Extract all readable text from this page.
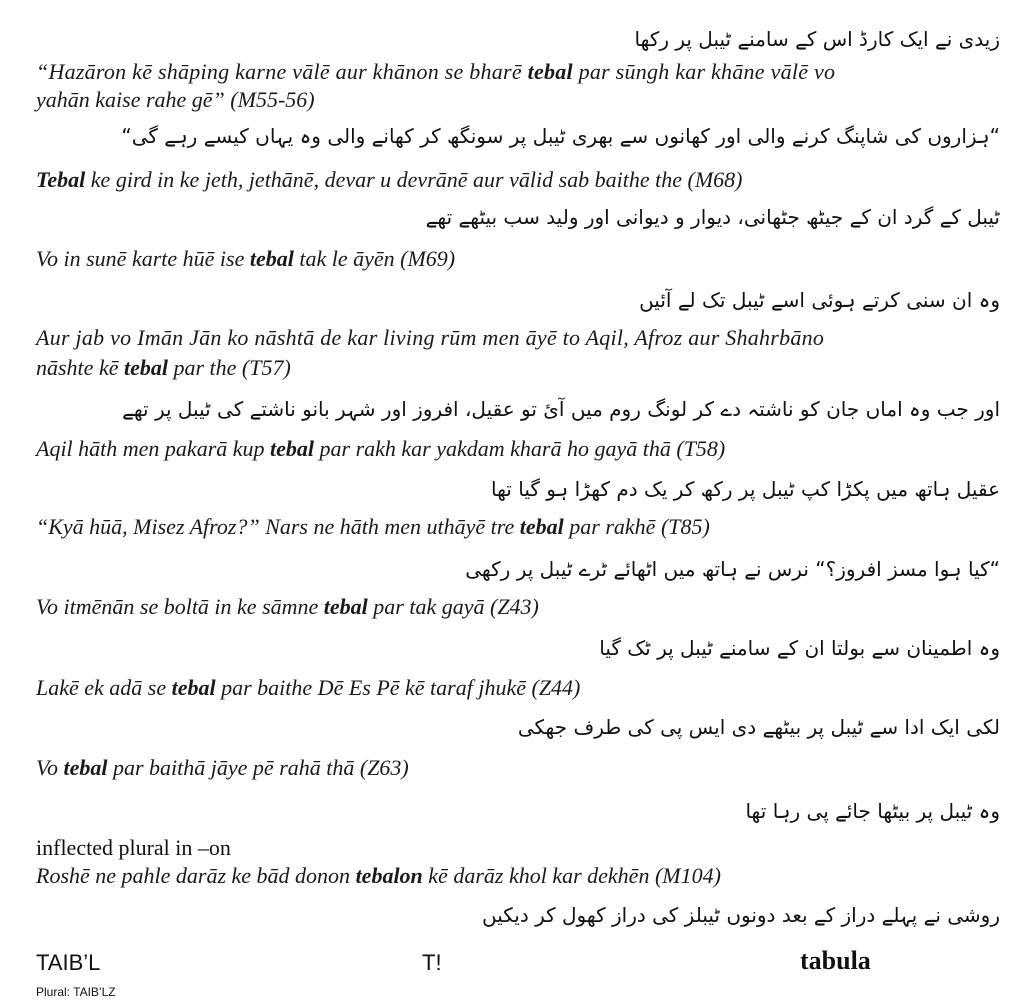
زیدی نے ایک کارڈ اس کے سامنے ٹیبل پر رکھا
“Hazāron kē shāping karne vālē aur khānon se bharē tebal par sūngh kar khāne vālē vo
yahān kaise rahe gē” (M55-56)
“ہزاروں کی شاپنگ کرنے والی اور کھانوں سے بھری ٹیبل پر سونگھ کر کھانے والی وہ یہاں کیسے رہے گی“
Tebal ke gird in ke jeth, jethānē, devar u devrānē aur vālid sab baithe the (M68)
ٹیبل کے گرد ان کے جیٹھ جٹھانی، دیوار و دیوانی اور ولید سب بیٹھے تھے
Vo in sunē karte hūē ise tebal tak le āyēn (M69)
وہ ان سنی کرتے ہوئی اسے ٹیبل تک لے آئیں
Aur jab vo Imān Jān ko nāshtā de kar living rūm men āyē to Aqil, Afroz aur Shahrbāno
nāshte kē tebal par the (T57)
اور جب وہ اماں جان کو ناشتہ دے کر لونگ روم میں آئ تو عقیل، افروز اور شہر بانو ناشتے کی ٹیبل پر تھے
Aqil hāth men pakarā kup tebal par rakh kar yakdam kharā ho gayā thā (T58)
عقیل ہاتھ میں پکڑا کپ ٹیبل پر رکھ کر یک دم کھڑا ہو گیا تھا
“Kyā hūā, Misez Afroz?” Nars ne hāth men uthāyē tre tebal par rakhē (T85)
“کیا ہوا مسز افروز؟“ نرس نے ہاتھ میں اٹھائے ٹرے ٹیبل پر رکھی
Vo itmēnān se boltā in ke sāmne tebal par tak gayā (Z43)
وہ اطمینان سے بولتا ان کے سامنے ٹیبل پر ٹک گیا
Lakē ek adā se tebal par baithe Dē Es Pē kē taraf jhukē (Z44)
لکی ایک ادا سے ٹیبل پر بیٹھے دی ایس پی کی طرف جھکی
Vo tebal par baithā jāye pē rahā thā (Z63)
وہ ٹیبل پر بیٹھا جائے پی رہا تھا
inflected plural in –on
Roshē ne pahle darāz ke bād donon tebalon kē darāz khol kar dekhēn (M104)
روشی نے پہلے دراز کے بعد دونوں ٹیبلز کی دراز کھول کر دیکیں
TAIB’L
Plural: TAIB’LZ
T!	tabula
